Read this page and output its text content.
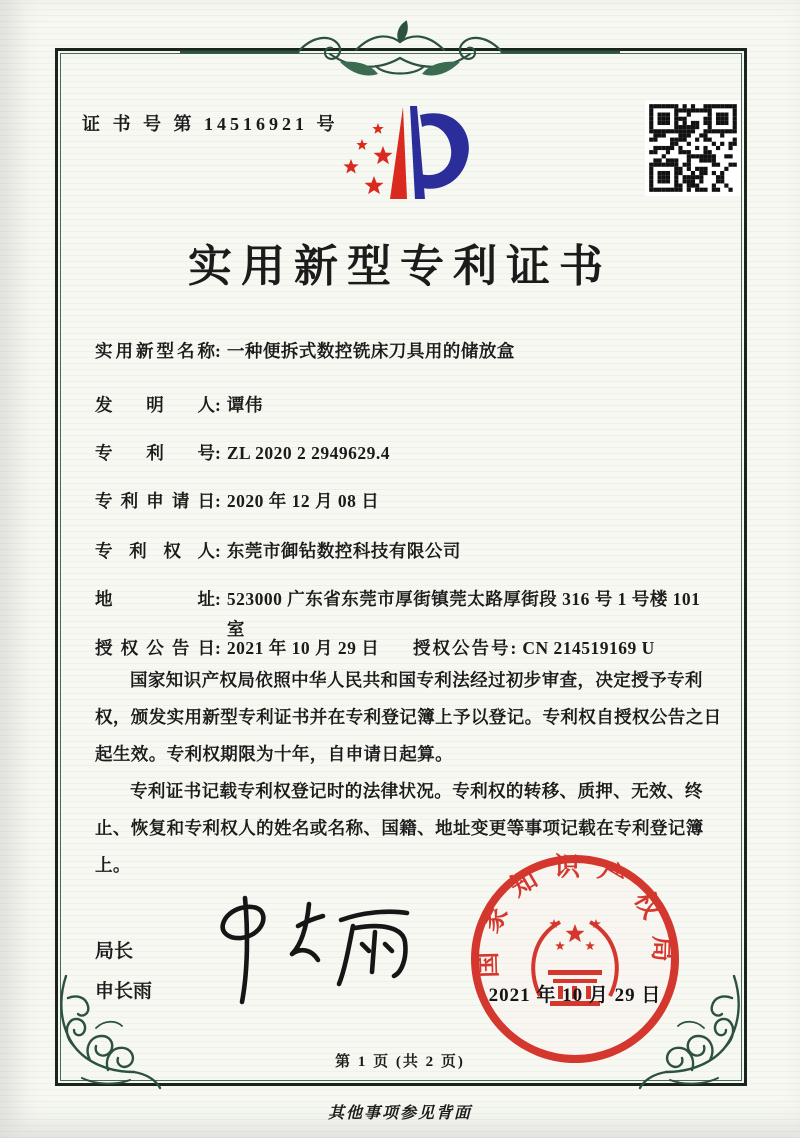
证 书 号 第 14516921 号
实用新型专利证书
实用新型名称 : 一种便拆式数控铣床刀具用的储放盒
发明人 : 谭伟
专利号 : ZL 2020 2 2949629.4
专利申请日 : 2020 年 12 月 08 日
专利权人 : 东莞市御钻数控科技有限公司
地址 : 523000 广东省东莞市厚街镇莞太路厚街段 316 号 1 号楼 101 室
授权公告日 : 2021 年 10 月 29 日 授权公告号 : CN 214519169 U

国家知识产权局依照中华人民共和国专利法经过初步审查，决定授予专利权，颁发实用新型专利证书并在专利登记簿上予以登记。专利权自授权公告之日起生效。专利权期限为十年，自申请日起算。

专利证书记载专利权登记时的法律状况。专利权的转移、质押、无效、终止、恢复和专利权人的姓名或名称、国籍、地址变更等事项记载在专利登记簿上。

局长
申长雨
国家知识产权局
2021 年 10 月 29 日
第 1 页 (共 2 页)
其他事项参见背面
